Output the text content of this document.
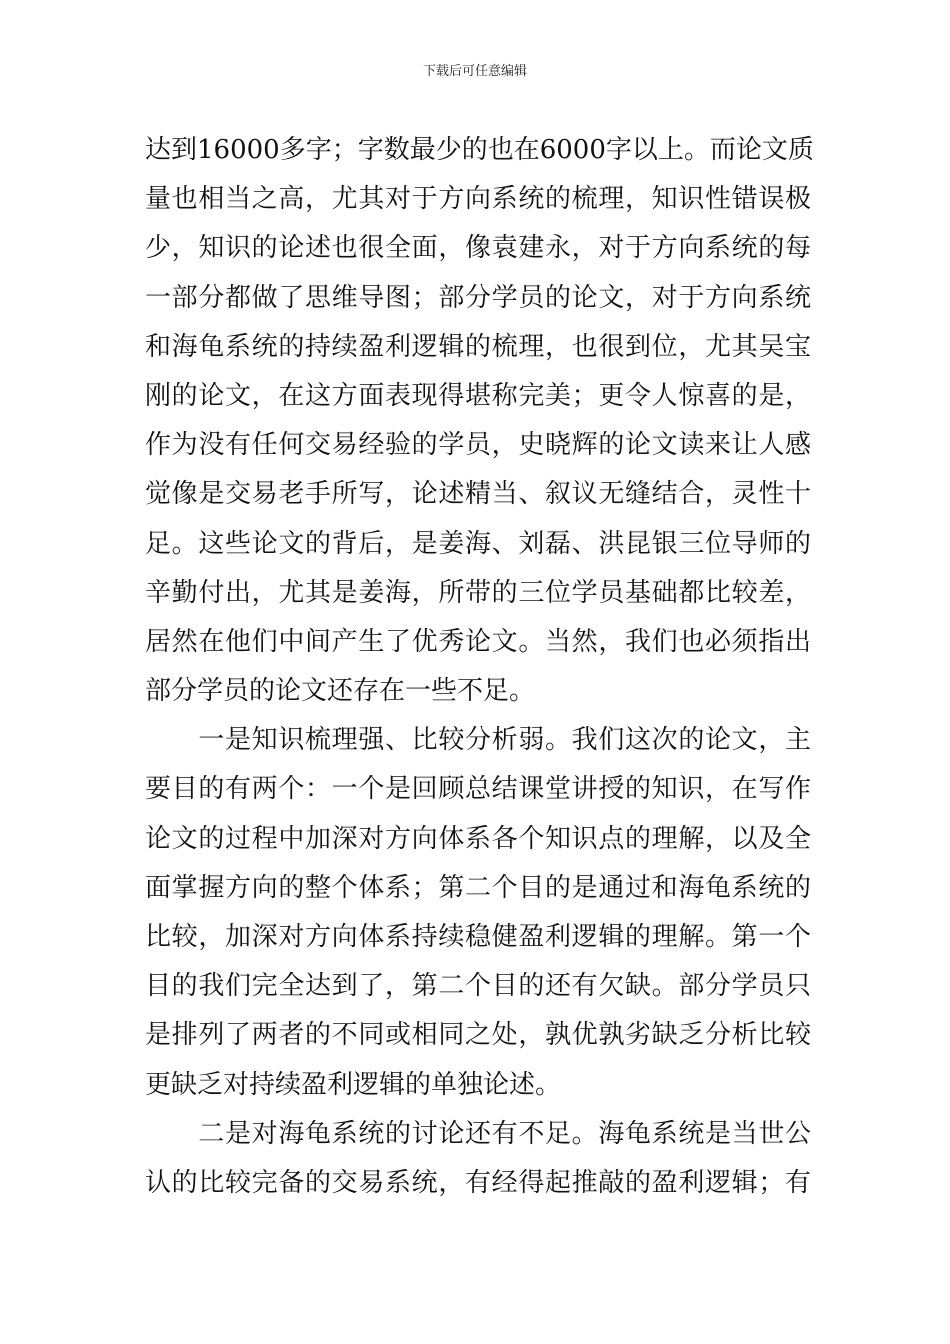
下载后可任意编辑
达到16000多字；字数最少的也在6000字以上。而论文质
量也相当之高，尤其对于方向系统的梳理，知识性错误极
少，知识的论述也很全面，像袁建永，对于方向系统的每
一部分都做了思维导图；部分学员的论文，对于方向系统
和海龟系统的持续盈利逻辑的梳理，也很到位，尤其吴宝
刚的论文，在这方面表现得堪称完美；更令人惊喜的是，
作为没有任何交易经验的学员，史晓辉的论文读来让人感
觉像是交易老手所写，论述精当、叙议无缝结合，灵性十
足。这些论文的背后，是姜海、刘磊、洪昆银三位导师的
辛勤付出，尤其是姜海，所带的三位学员基础都比较差，
居然在他们中间产生了优秀论文。当然，我们也必须指出
部分学员的论文还存在一些不足。
　　一是知识梳理强、比较分析弱。我们这次的论文，主
要目的有两个：一个是回顾总结课堂讲授的知识，在写作
论文的过程中加深对方向体系各个知识点的理解，以及全
面掌握方向的整个体系；第二个目的是通过和海龟系统的
比较，加深对方向体系持续稳健盈利逻辑的理解。第一个
目的我们完全达到了，第二个目的还有欠缺。部分学员只
是排列了两者的不同或相同之处，孰优孰劣缺乏分析比较
更缺乏对持续盈利逻辑的单独论述。
　　二是对海龟系统的讨论还有不足。海龟系统是当世公
认的比较完备的交易系统，有经得起推敲的盈利逻辑；有
